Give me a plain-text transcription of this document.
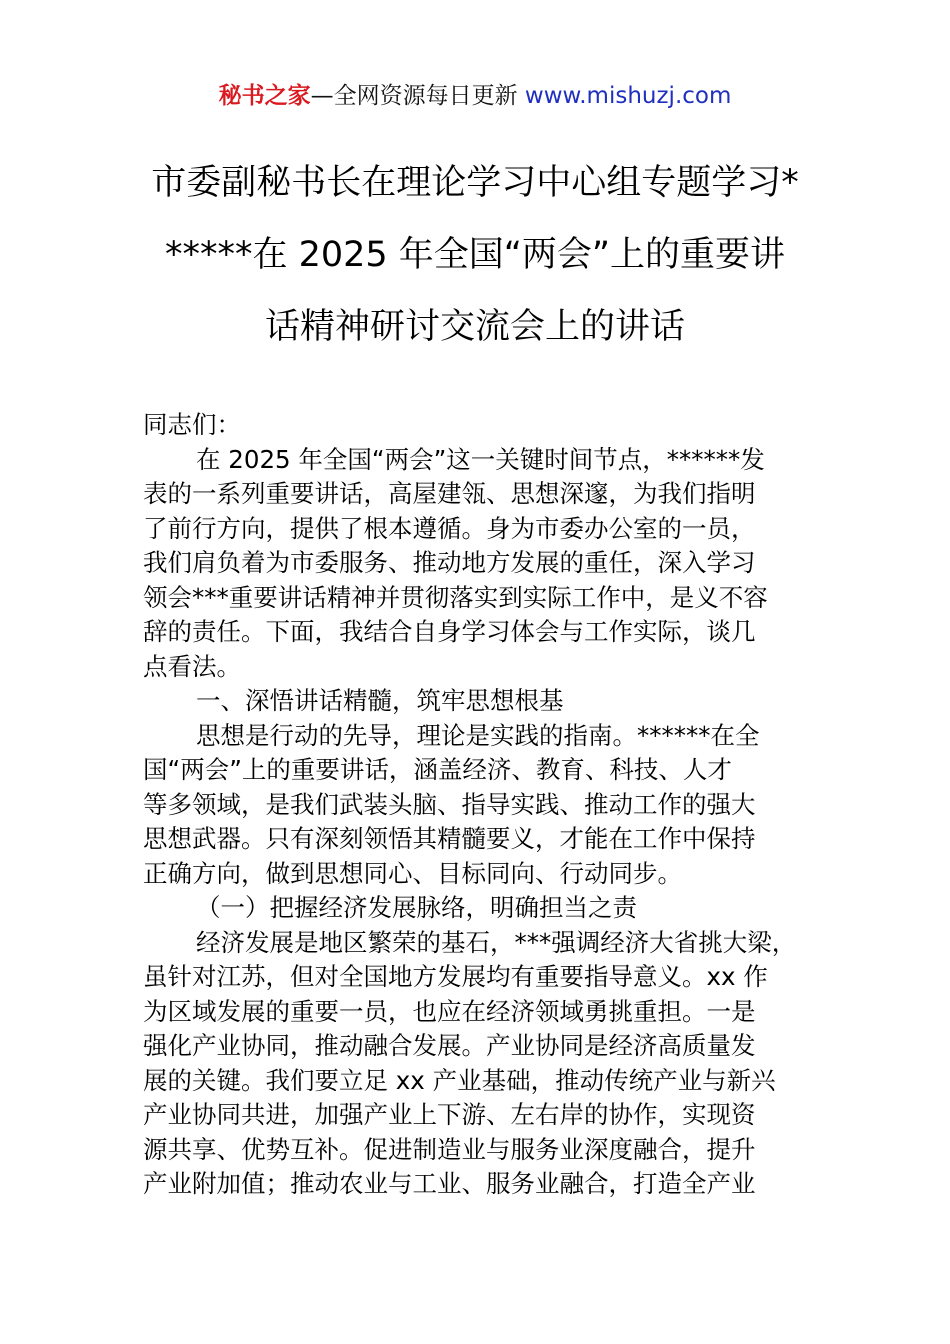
秘书之家—全网资源每日更新 www.mishuzj.com
市委副秘书长在理论学习中心组专题学习*
*****在 2025 年全国“两会”上的重要讲
话精神研讨交流会上的讲话
同志们：
在 2025 年全国“两会”这一关键时间节点，******发
表的一系列重要讲话，高屋建瓴、思想深邃，为我们指明
了前行方向，提供了根本遵循。身为市委办公室的一员，
我们肩负着为市委服务、推动地方发展的重任，深入学习
领会***重要讲话精神并贯彻落实到实际工作中，是义不容
辞的责任。下面，我结合自身学习体会与工作实际，谈几
点看法。
一、深悟讲话精髓，筑牢思想根基
思想是行动的先导，理论是实践的指南。******在全
国“两会”上的重要讲话，涵盖经济、教育、科技、人才
等多领域，是我们武装头脑、指导实践、推动工作的强大
思想武器。只有深刻领悟其精髓要义，才能在工作中保持
正确方向，做到思想同心、目标同向、行动同步。
（一）把握经济发展脉络，明确担当之责
经济发展是地区繁荣的基石，***强调经济大省挑大梁，
虽针对江苏，但对全国地方发展均有重要指导意义。xx 作
为区域发展的重要一员，也应在经济领域勇挑重担。一是
强化产业协同，推动融合发展。产业协同是经济高质量发
展的关键。我们要立足 xx 产业基础，推动传统产业与新兴
产业协同共进，加强产业上下游、左右岸的协作，实现资
源共享、优势互补。促进制造业与服务业深度融合，提升
产业附加值；推动农业与工业、服务业融合，打造全产业
